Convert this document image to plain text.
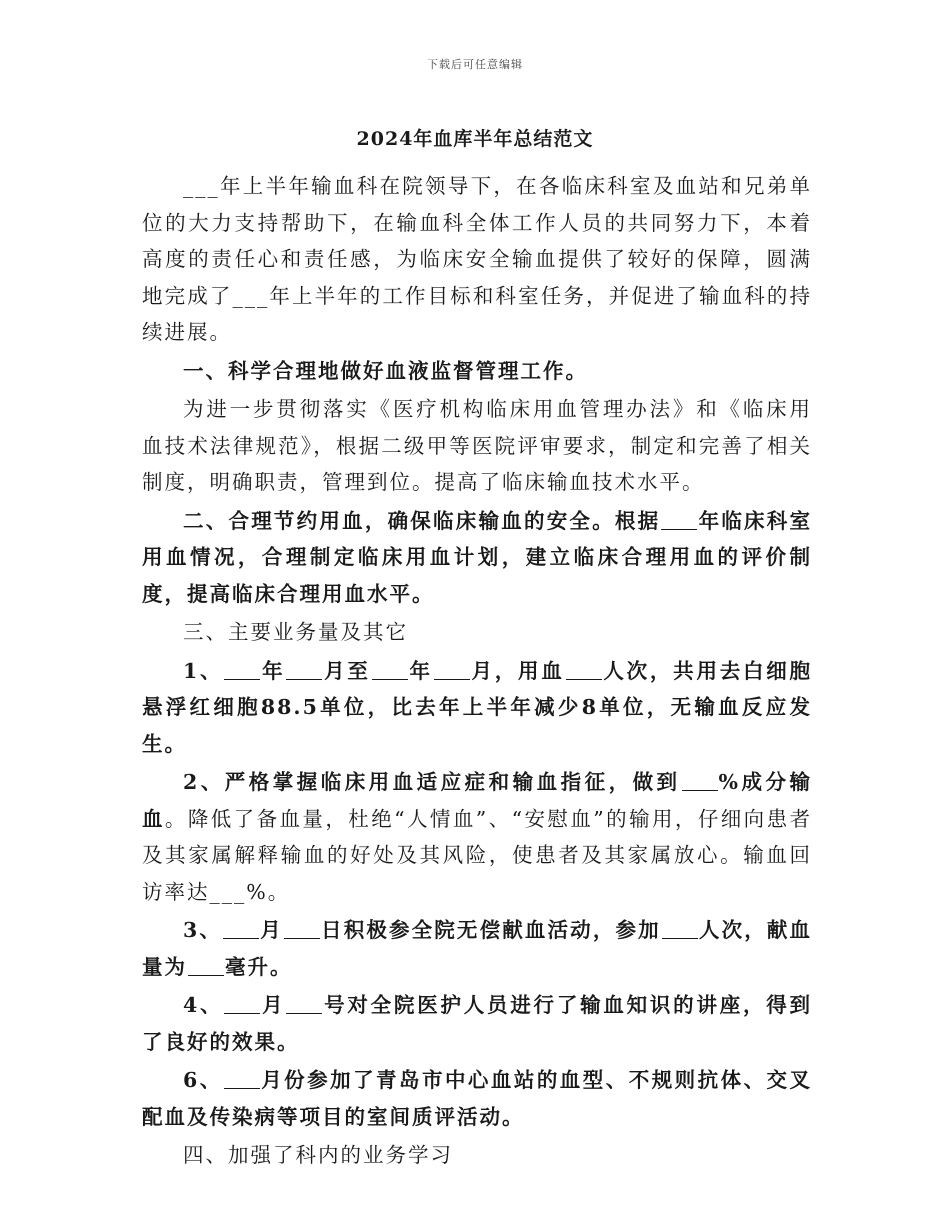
下载后可任意编辑
2024年血库半年总结范文

___年上半年输血科在院领导下，在各临床科室及血站和兄弟单位的大力支持帮助下，在输血科全体工作人员的共同努力下，本着高度的责任心和责任感，为临床安全输血提供了较好的保障，圆满地完成了___年上半年的工作目标和科室任务，并促进了输血科的持续进展。

一、科学合理地做好血液监督管理工作。

为进一步贯彻落实《医疗机构临床用血管理办法》和《临床用血技术法律规范》，根据二级甲等医院评审要求，制定和完善了相关制度，明确职责，管理到位。提高了临床输血技术水平。

二、合理节约用血，确保临床输血的安全。根据 年临床科室用血情况，合理制定临床用血计划，建立临床合理用血的评价制度，提高临床合理用血水平。

三、主要业务量及其它

1、 年 月至 年 月，用血 人次，共用去白细胞悬浮红细胞88.5单位，比去年上半年减少8单位，无输血反应发生。

2、严格掌握临床用血适应症和输血指征，做到 %成分输血。降低了备血量，杜绝“人情血”、“安慰血”的输用，仔细向患者及其家属解释输血的好处及其风险，使患者及其家属放心。输血回访率达___%。

3、 月 日积极参全院无偿献血活动，参加 人次，献血量为 毫升。

4、 月 号对全院医护人员进行了输血知识的讲座，得到了良好的效果。

6、 月份参加了青岛市中心血站的血型、不规则抗体、交叉配血及传染病等项目的室间质评活动。

四、加强了科内的业务学习
